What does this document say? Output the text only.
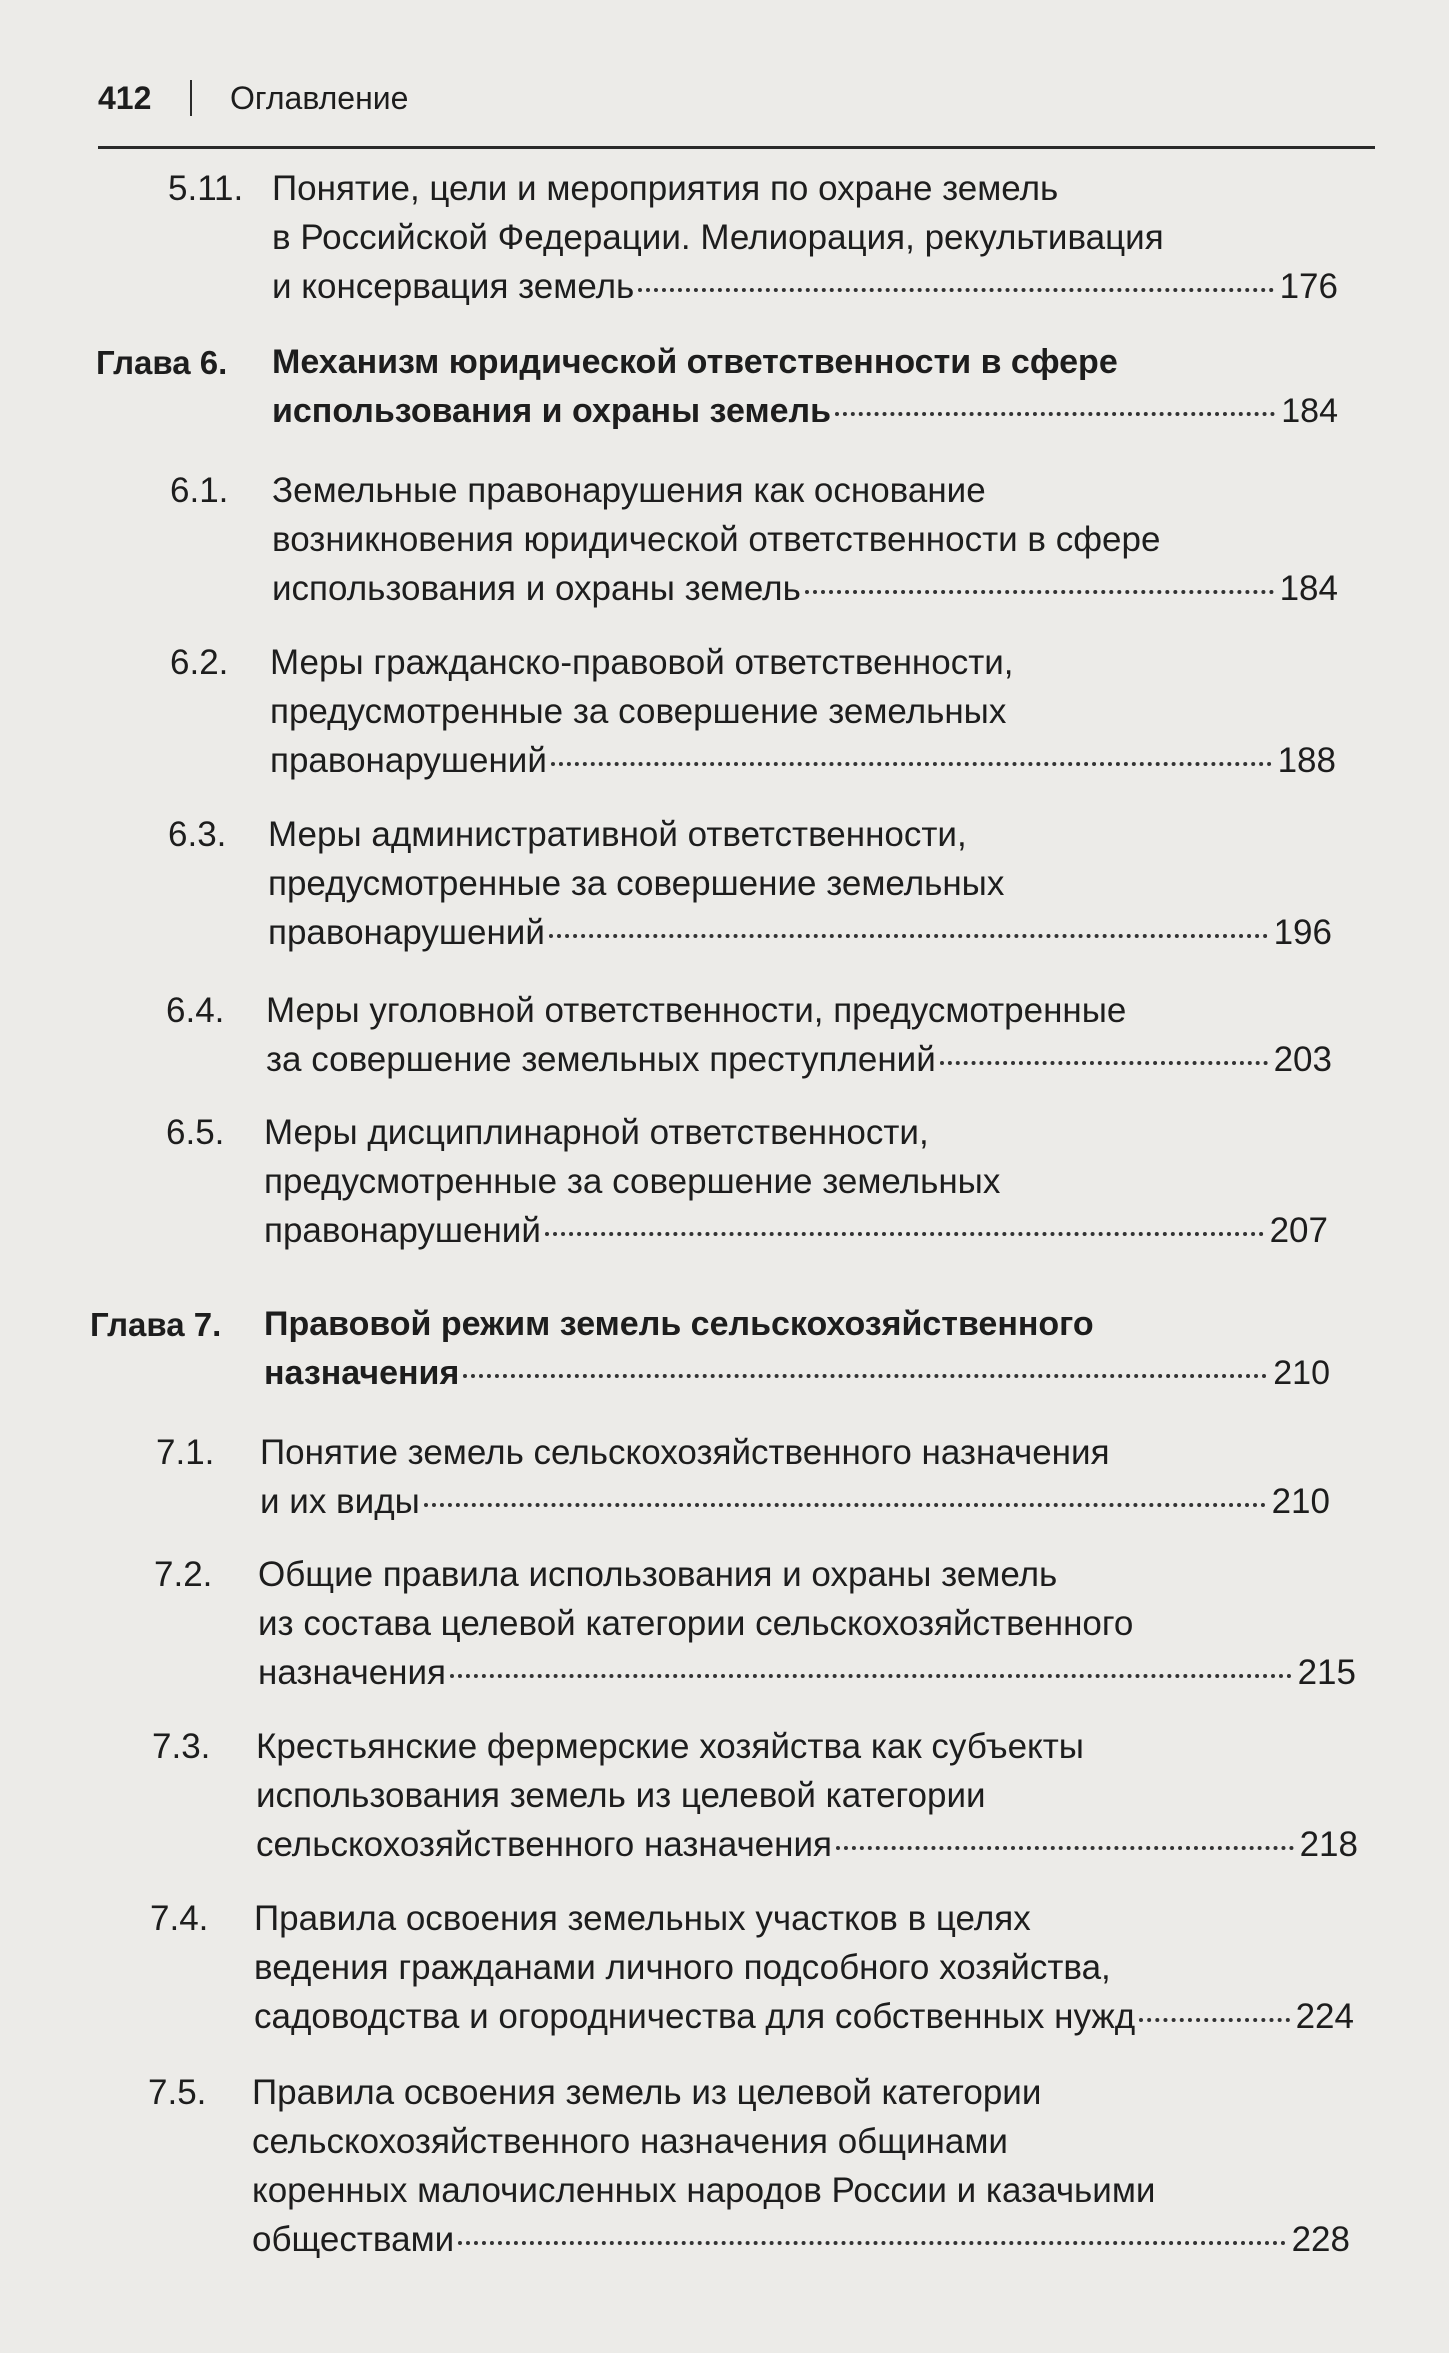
412 Оглавление
5.11. Понятие, цели и мероприятия по охране земель
в Российской Федерации. Мелиорация, рекультивация
и консервация земель	176
Глава 6. Механизм юридической ответственности в сфере
использования и охраны земель	184
6.1. Земельные правонарушения как основание
возникновения юридической ответственности в сфере
использования и охраны земель	184
6.2. Меры гражданско-правовой ответственности,
предусмотренные за совершение земельных
правонарушений	188
6.3. Меры административной ответственности,
предусмотренные за совершение земельных
правонарушений	196
6.4. Меры уголовной ответственности, предусмотренные
за совершение земельных преступлений	203
6.5. Меры дисциплинарной ответственности,
предусмотренные за совершение земельных
правонарушений	207
Глава 7. Правовой режим земель сельскохозяйственного
назначения	210
7.1. Понятие земель сельскохозяйственного назначения
и их виды	210
7.2. Общие правила использования и охраны земель
из состава целевой категории сельскохозяйственного
назначения	215
7.3. Крестьянские фермерские хозяйства как субъекты
использования земель из целевой категории
сельскохозяйственного назначения	218
7.4. Правила освоения земельных участков в целях
ведения гражданами личного подсобного хозяйства,
садоводства и огородничества для собственных нужд	224
7.5. Правила освоения земель из целевой категории
сельскохозяйственного назначения общинами
коренных малочисленных народов России и казачьими
обществами	228
